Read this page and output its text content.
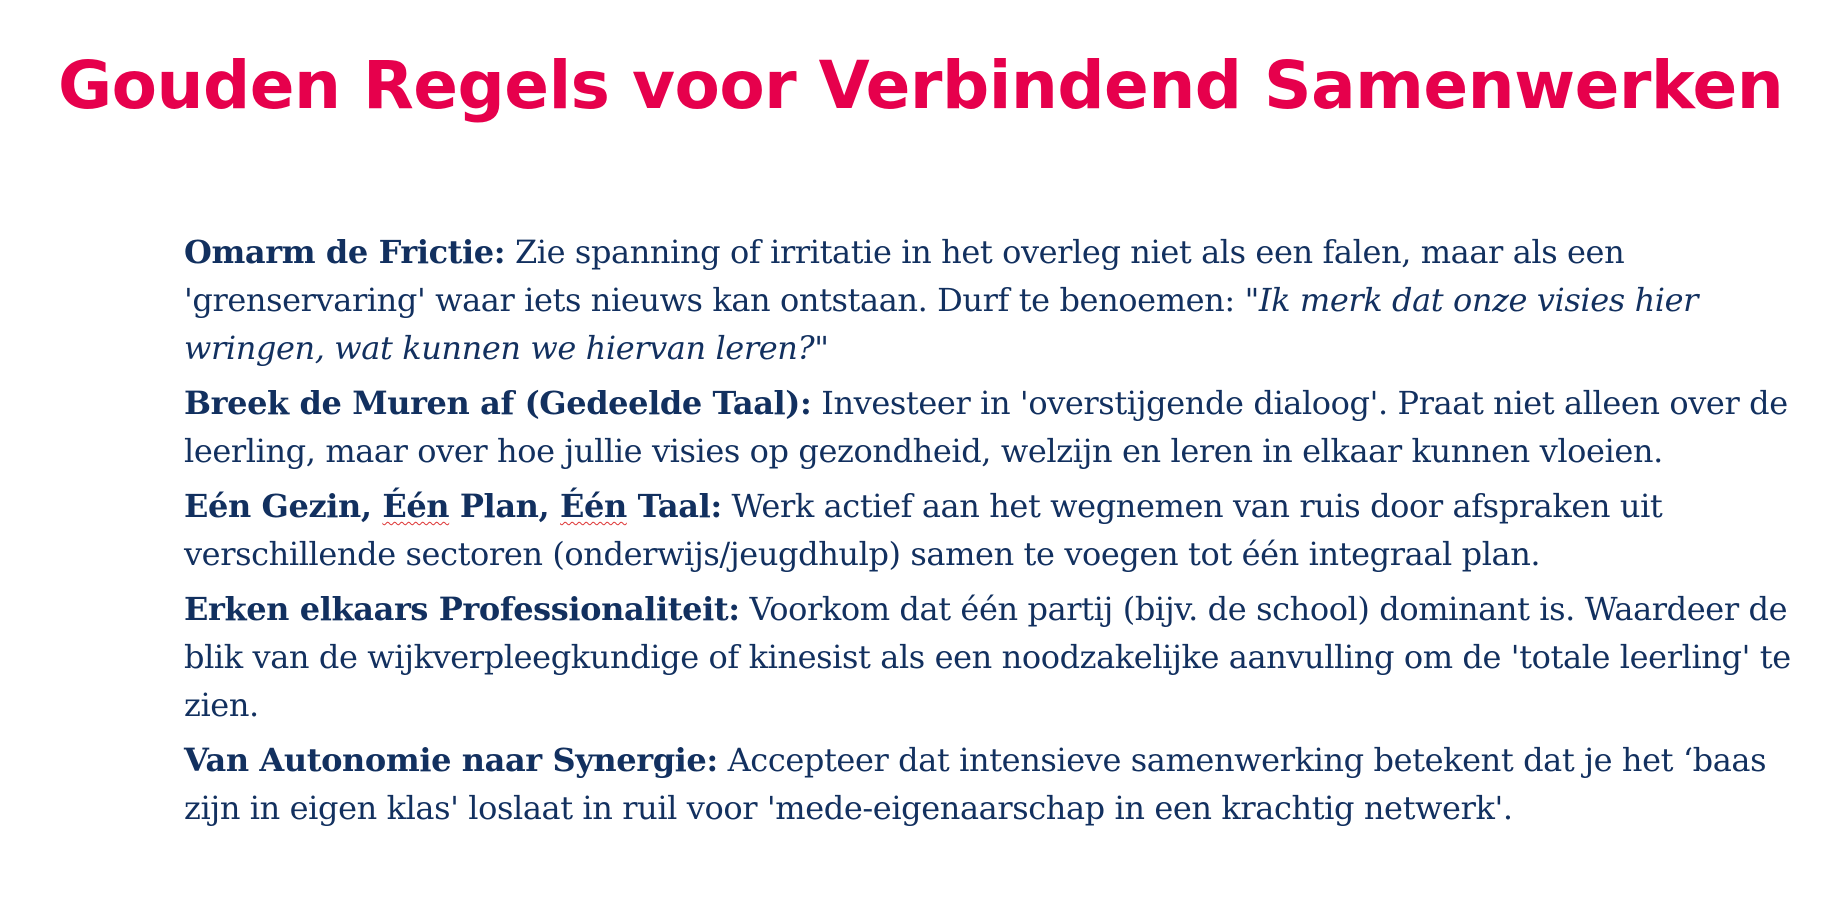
Gouden Regels voor Verbindend Samenwerken
Omarm de Frictie: Zie spanning of irritatie in het overleg niet als een falen, maar als een 'grenservaring' waar iets nieuws kan ontstaan. Durf te benoemen: "Ik merk dat onze visies hier wringen, wat kunnen we hiervan leren?"
Breek de Muren af (Gedeelde Taal): Investeer in 'overstijgende dialoog'. Praat niet alleen over de leerling, maar over hoe jullie visies op gezondheid, welzijn en leren in elkaar kunnen vloeien.
Eén Gezin, Één Plan, Één Taal: Werk actief aan het wegnemen van ruis door afspraken uit verschillende sectoren (onderwijs/jeugdhulp) samen te voegen tot één integraal plan.
Erken elkaars Professionaliteit: Voorkom dat één partij (bijv. de school) dominant is. Waardeer de blik van de wijkverpleegkundige of kinesist als een noodzakelijke aanvulling om de 'totale leerling' te zien.
Van Autonomie naar Synergie: Accepteer dat intensieve samenwerking betekent dat je het ‘baas zijn in eigen klas' loslaat in ruil voor 'mede-eigenaarschap in een krachtig netwerk'.
